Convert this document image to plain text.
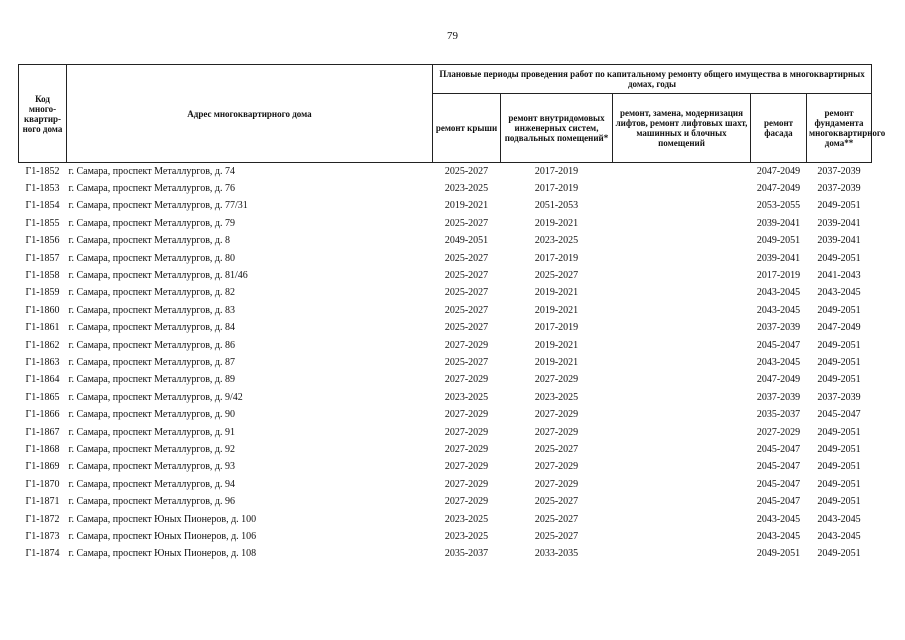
79
Код много-квартир-ного дома	Адрес многоквартирного дома	Плановые периоды проведения работ по капитальному ремонту общего имущества в многоквартирных домах, годы				
		ремонт крыши	ремонт внутридомовых инженерных систем, подвальных помещений*	ремонт, замена, модернизация лифтов, ремонт лифтовых шахт, машинных и блочных помещений	ремонт фасада	ремонт фундамента многоквартирного дома**
Г1-1852	г. Самара, проспект Металлургов, д. 74	2025-2027	2017-2019		2047-2049	2037-2039
Г1-1853	г. Самара, проспект Металлургов, д. 76	2023-2025	2017-2019		2047-2049	2037-2039
Г1-1854	г. Самара, проспект Металлургов, д. 77/31	2019-2021	2051-2053		2053-2055	2049-2051
Г1-1855	г. Самара, проспект Металлургов, д. 79	2025-2027	2019-2021		2039-2041	2039-2041
Г1-1856	г. Самара, проспект Металлургов, д. 8	2049-2051	2023-2025		2049-2051	2039-2041
Г1-1857	г. Самара, проспект Металлургов, д. 80	2025-2027	2017-2019		2039-2041	2049-2051
Г1-1858	г. Самара, проспект Металлургов, д. 81/46	2025-2027	2025-2027		2017-2019	2041-2043
Г1-1859	г. Самара, проспект Металлургов, д. 82	2025-2027	2019-2021		2043-2045	2043-2045
Г1-1860	г. Самара, проспект Металлургов, д. 83	2025-2027	2019-2021		2043-2045	2049-2051
Г1-1861	г. Самара, проспект Металлургов, д. 84	2025-2027	2017-2019		2037-2039	2047-2049
Г1-1862	г. Самара, проспект Металлургов, д. 86	2027-2029	2019-2021		2045-2047	2049-2051
Г1-1863	г. Самара, проспект Металлургов, д. 87	2025-2027	2019-2021		2043-2045	2049-2051
Г1-1864	г. Самара, проспект Металлургов, д. 89	2027-2029	2027-2029		2047-2049	2049-2051
Г1-1865	г. Самара, проспект Металлургов, д. 9/42	2023-2025	2023-2025		2037-2039	2037-2039
Г1-1866	г. Самара, проспект Металлургов, д. 90	2027-2029	2027-2029		2035-2037	2045-2047
Г1-1867	г. Самара, проспект Металлургов, д. 91	2027-2029	2027-2029		2027-2029	2049-2051
Г1-1868	г. Самара, проспект Металлургов, д. 92	2027-2029	2025-2027		2045-2047	2049-2051
Г1-1869	г. Самара, проспект Металлургов, д. 93	2027-2029	2027-2029		2045-2047	2049-2051
Г1-1870	г. Самара, проспект Металлургов, д. 94	2027-2029	2027-2029		2045-2047	2049-2051
Г1-1871	г. Самара, проспект Металлургов, д. 96	2027-2029	2025-2027		2045-2047	2049-2051
Г1-1872	г. Самара, проспект Юных Пионеров, д. 100	2023-2025	2025-2027		2043-2045	2043-2045
Г1-1873	г. Самара, проспект Юных Пионеров, д. 106	2023-2025	2025-2027		2043-2045	2043-2045
Г1-1874	г. Самара, проспект Юных Пионеров, д. 108	2035-2037	2033-2035		2049-2051	2049-2051
